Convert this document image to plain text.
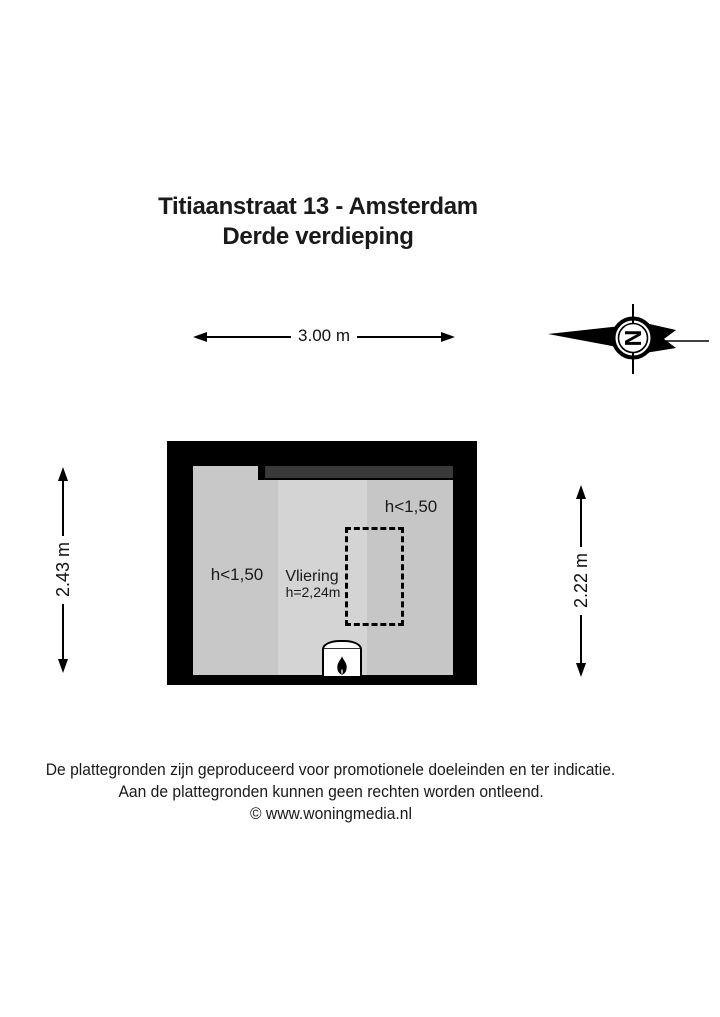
Titiaanstraat 13 - Amsterdam
Derde verdieping
3.00 m	N
h<1,50
h<1,50 Vliering
h=2,24m
2.43 m	2.22 m
De plattegronden zijn geproduceerd voor promotionele doeleinden en ter indicatie.
Aan de plattegronden kunnen geen rechten worden ontleend.
© www.woningmedia.nl
